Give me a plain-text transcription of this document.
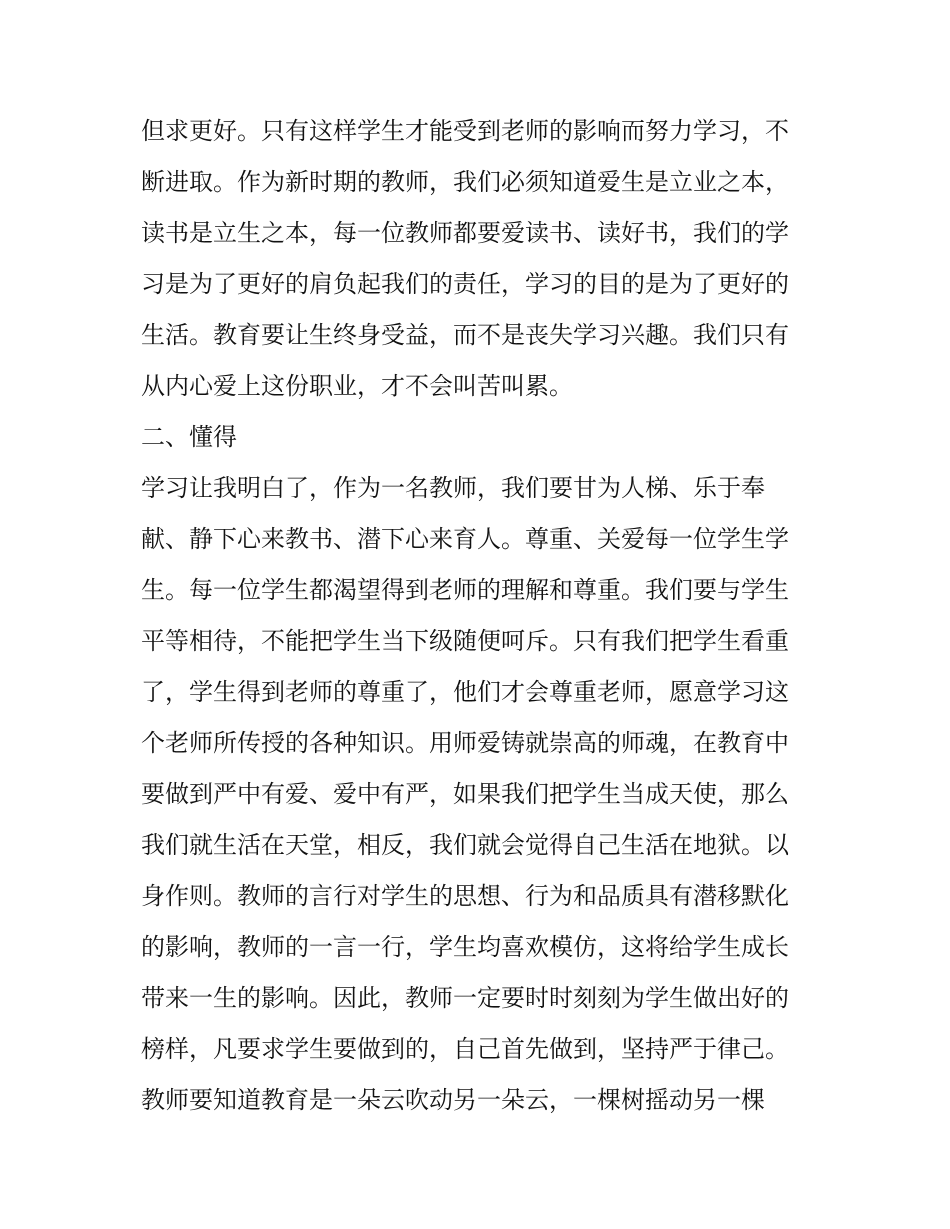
但求更好。只有这样学生才能受到老师的影响而努力学习，不
断进取。作为新时期的教师，我们必须知道爱生是立业之本，
读书是立生之本，每一位教师都要爱读书、读好书，我们的学
习是为了更好的肩负起我们的责任，学习的目的是为了更好的
生活。教育要让生终身受益，而不是丧失学习兴趣。我们只有
从内心爱上这份职业，才不会叫苦叫累。
二、懂得
学习让我明白了，作为一名教师，我们要甘为人梯、乐于奉
献、静下心来教书、潜下心来育人。尊重、关爱每一位学生学
生。每一位学生都渴望得到老师的理解和尊重。我们要与学生
平等相待，不能把学生当下级随便呵斥。只有我们把学生看重
了，学生得到老师的尊重了，他们才会尊重老师，愿意学习这
个老师所传授的各种知识。用师爱铸就崇高的师魂，在教育中
要做到严中有爱、爱中有严，如果我们把学生当成天使，那么
我们就生活在天堂，相反，我们就会觉得自己生活在地狱。以
身作则。教师的言行对学生的思想、行为和品质具有潜移默化
的影响，教师的一言一行，学生均喜欢模仿，这将给学生成长
带来一生的影响。因此，教师一定要时时刻刻为学生做出好的
榜样，凡要求学生要做到的，自己首先做到，坚持严于律己。
教师要知道教育是一朵云吹动另一朵云，一棵树摇动另一棵
